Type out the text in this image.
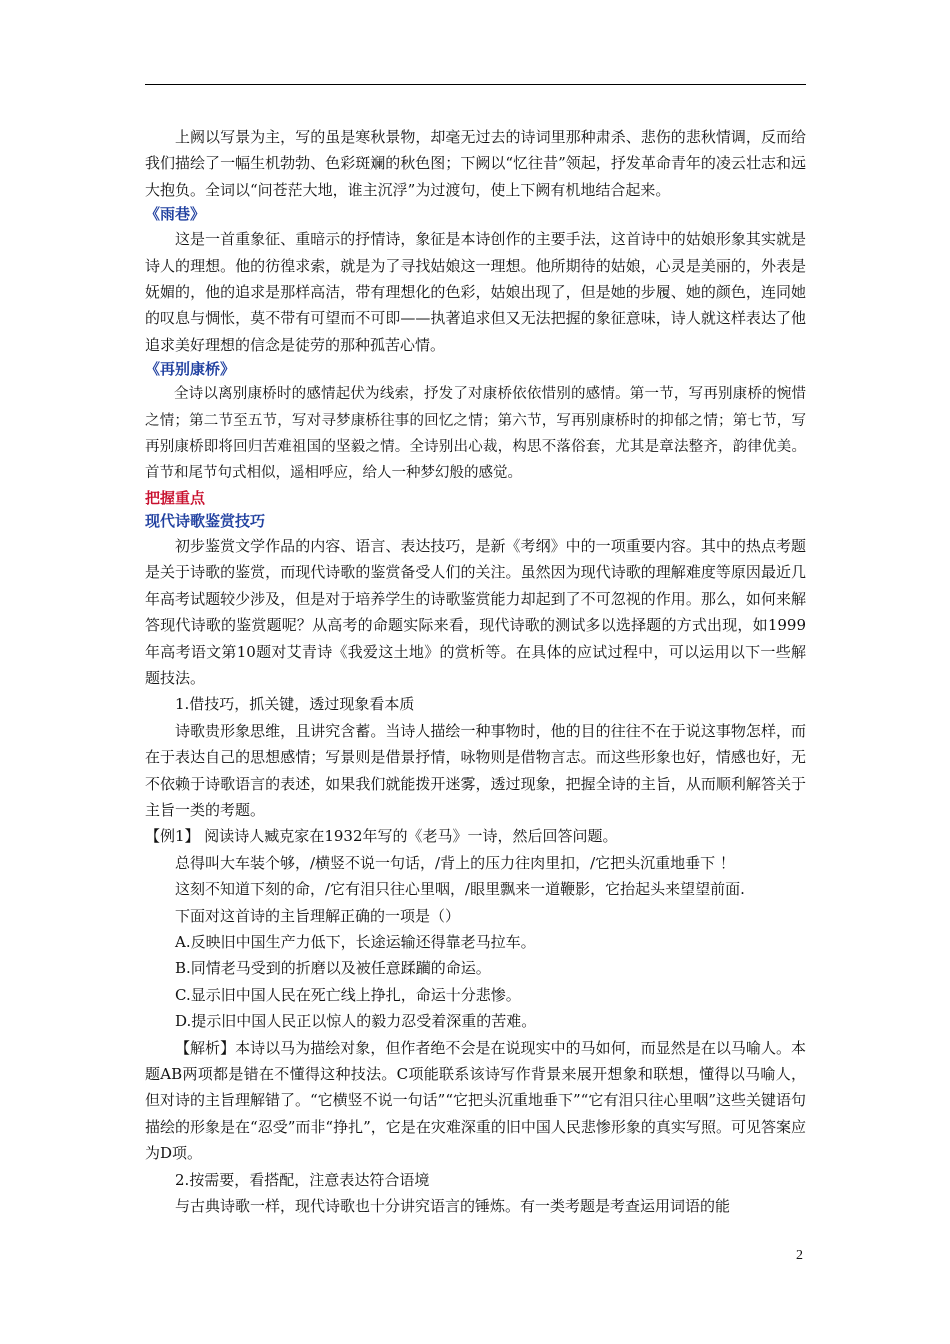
上阙以写景为主，写的虽是寒秋景物，却毫无过去的诗词里那种肃杀、悲伤的悲秋情调，反而给我们描绘了一幅生机勃勃、色彩斑斓的秋色图；下阙以“忆往昔”领起，抒发革命青年的凌云壮志和远大抱负。全词以“问苍茫大地，谁主沉浮”为过渡句，使上下阙有机地结合起来。

《雨巷》

这是一首重象征、重暗示的抒情诗，象征是本诗创作的主要手法，这首诗中的姑娘形象其实就是诗人的理想。他的彷徨求索，就是为了寻找姑娘这一理想。他所期待的姑娘，心灵是美丽的，外表是妩媚的，他的追求是那样高洁，带有理想化的色彩，姑娘出现了，但是她的步履、她的颜色，连同她的叹息与惆怅，莫不带有可望而不可即——执著追求但又无法把握的象征意味，诗人就这样表达了他追求美好理想的信念是徒劳的那种孤苦心情。

《再别康桥》

全诗以离别康桥时的感情起伏为线索，抒发了对康桥依依惜别的感情。第一节，写再别康桥的惋惜之情；第二节至五节，写对寻梦康桥往事的回忆之情；第六节，写再别康桥时的抑郁之情；第七节，写再别康桥即将回归苦难祖国的坚毅之情。全诗别出心裁，构思不落俗套，尤其是章法整齐，韵律优美。首节和尾节句式相似，遥相呼应，给人一种梦幻般的感觉。

把握重点

现代诗歌鉴赏技巧

初步鉴赏文学作品的内容、语言、表达技巧，是新《考纲》中的一项重要内容。其中的热点考题是关于诗歌的鉴赏，而现代诗歌的鉴赏备受人们的关注。虽然因为现代诗歌的理解难度等原因最近几年高考试题较少涉及，但是对于培养学生的诗歌鉴赏能力却起到了不可忽视的作用。那么，如何来解答现代诗歌的鉴赏题呢？从高考的命题实际来看，现代诗歌的测试多以选择题的方式出现，如1999年高考语文第10题对艾青诗《我爱这土地》的赏析等。在具体的应试过程中，可以运用以下一些解题技法。

1.借技巧，抓关键，透过现象看本质

诗歌贵形象思维，且讲究含蓄。当诗人描绘一种事物时，他的目的往往不在于说这事物怎样，而在于表达自己的思想感情；写景则是借景抒情，咏物则是借物言志。而这些形象也好，情感也好，无不依赖于诗歌语言的表述，如果我们就能拨开迷雾，透过现象，把握全诗的主旨，从而顺利解答关于主旨一类的考题。

【例1】 阅读诗人臧克家在1932年写的《老马》一诗，然后回答问题。

总得叫大车装个够，/横竖不说一句话，/背上的压力往肉里扣，/它把头沉重地垂下 ！

这刻不知道下刻的命，/它有泪只往心里咽，/眼里飘来一道鞭影，它抬起头来望望前面.

下面对这首诗的主旨理解正确的一项是（）

A.反映旧中国生产力低下，长途运输还得靠老马拉车。

B.同情老马受到的折磨以及被任意蹂躏的命运。

C.显示旧中国人民在死亡线上挣扎，命运十分悲惨。

D.提示旧中国人民正以惊人的毅力忍受着深重的苦难。

【解析】本诗以马为描绘对象，但作者绝不会是在说现实中的马如何，而显然是在以马喻人。本题AB两项都是错在不懂得这种技法。C项能联系该诗写作背景来展开想象和联想，懂得以马喻人，但对诗的主旨理解错了。“它横竖不说一句话”“它把头沉重地垂下”“它有泪只往心里咽”这些关键语句描绘的形象是在“忍受”而非“挣扎”，它是在灾难深重的旧中国人民悲惨形象的真实写照。可见答案应为D项。

2.按需要，看搭配，注意表达符合语境

与古典诗歌一样，现代诗歌也十分讲究语言的锤炼。有一类考题是考查运用词语的能

2
